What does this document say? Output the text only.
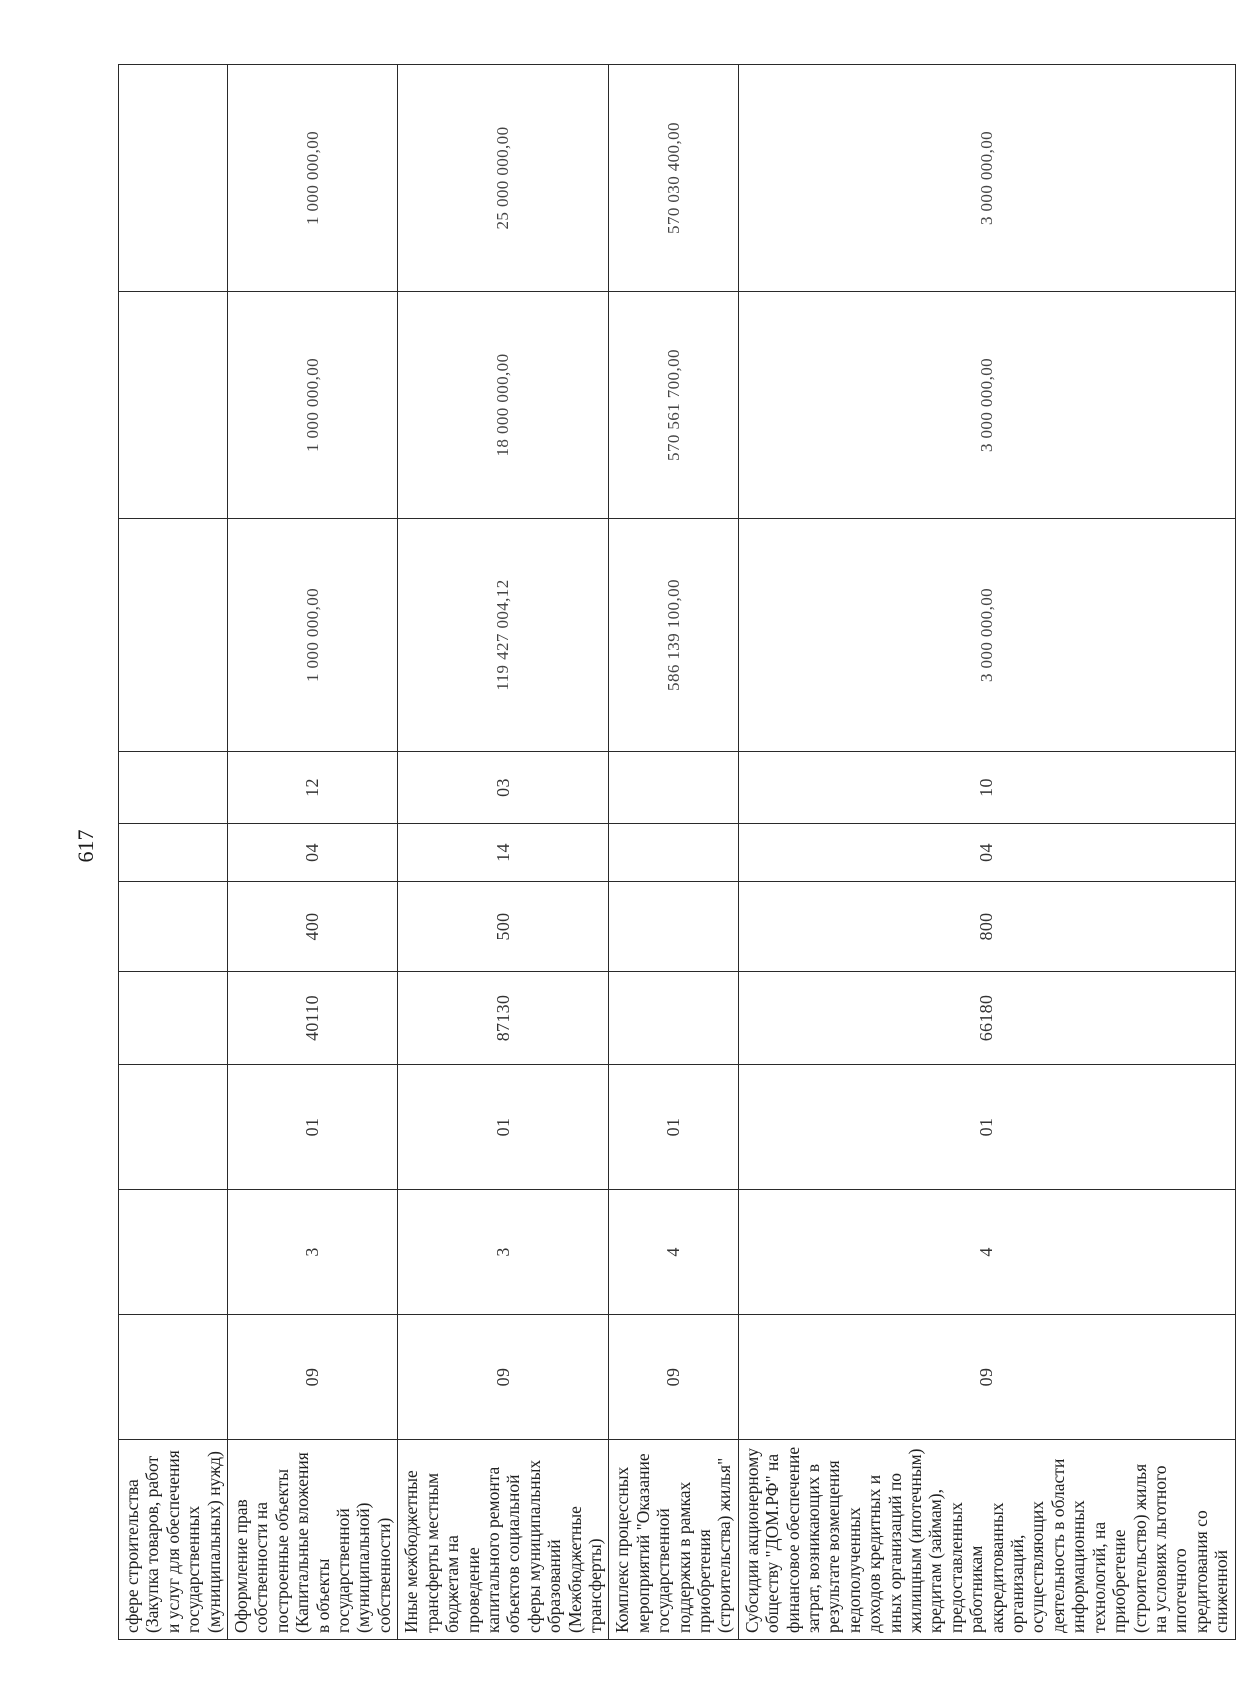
617
сфере строительства (Закупка товаров, работ и услуг для обеспечения государственных (муниципальных) нужд)										
Оформление прав собственности на построенные объекты (Капитальные вложения в объекты государственной (муниципальной) собственности)	09	3	01	40110	400	04	12	1 000 000,00	1 000 000,00	1 000 000,00
Иные межбюджетные трансферты местным бюджетам на проведение капитального ремонта объектов социальной сферы муниципальных образований (Межбюджетные трансферты)	09	3	01	87130	500	14	03	119 427 004,12	18 000 000,00	25 000 000,00
Комплекс процессных мероприятий "Оказание государственной поддержки в рамках приобретения (строительства) жилья"	09	4	01					586 139 100,00	570 561 700,00	570 030 400,00
Субсидии акционерному обществу "ДОМ.РФ" на финансовое обеспечение затрат, возникающих в результате возмещения недополученных доходов кредитных и иных организаций по жилищным (ипотечным) кредитам (займам), предоставленных работникам аккредитованных организаций, осуществляющих деятельность в области информационных технологий, на приобретение (строительство) жилья на условиях льготного ипотечного кредитования со сниженной	09	4	01	66180	800	04	10	3 000 000,00	3 000 000,00	3 000 000,00
